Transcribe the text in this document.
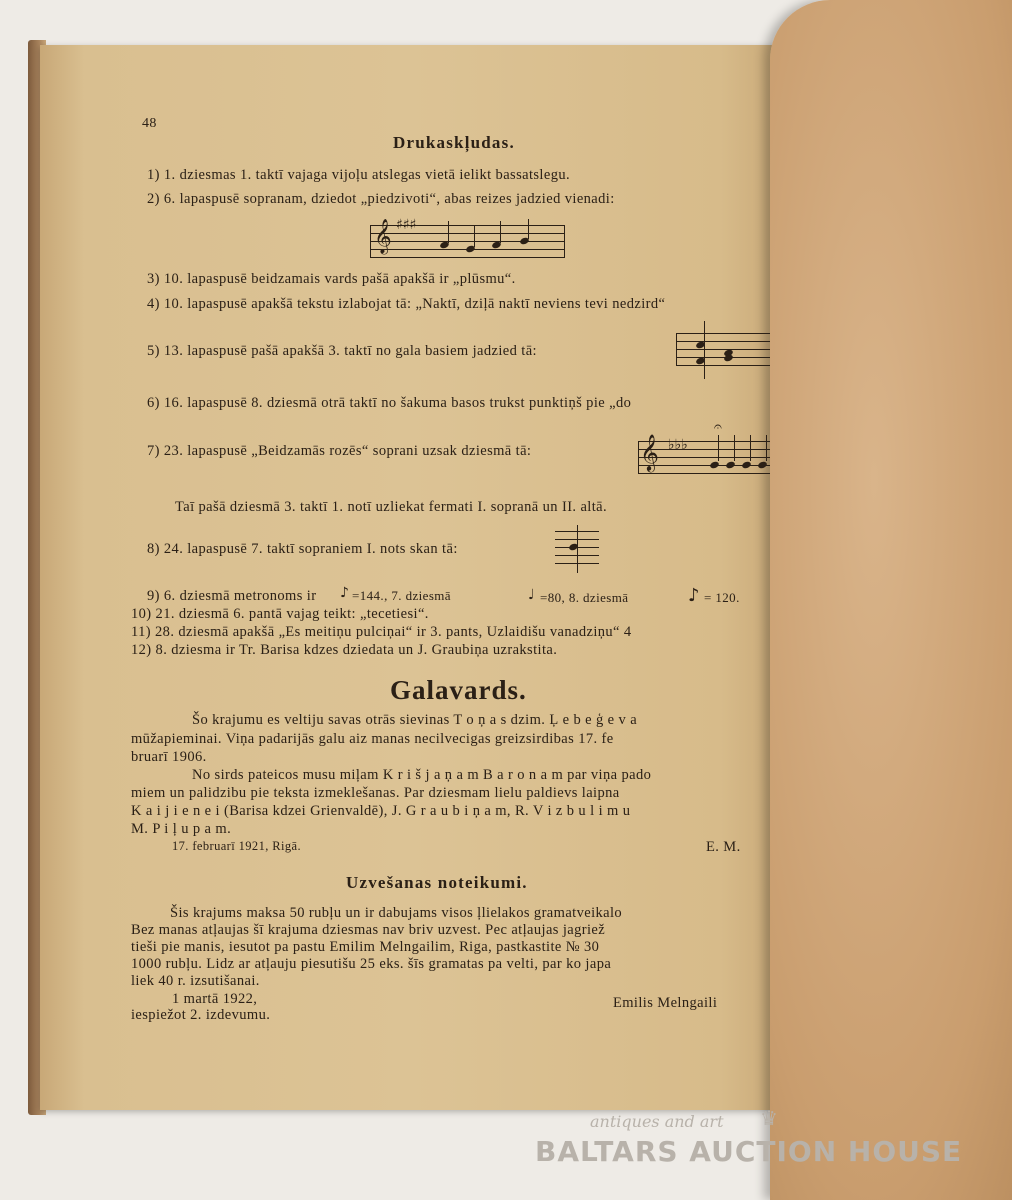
48
Drukaskļudas.
1) 1. dziesmas 1. taktī vajaga vijoļu atslegas vietā ielikt bassatslegu.
2) 6. lapaspusē sopranam, dziedot „piedzivoti“, abas reizes jadzied vienadi:
𝄞 ♯♯♯
3) 10. lapaspusē beidzamais vards pašā apakšā ir „plūsmu“.
4) 10. lapaspusē apakšā tekstu izlabojat tā: „Naktī, dziļā naktī neviens tevi nedzird“
5) 13. lapaspusē pašā apakšā 3. taktī no gala basiem jadzied tā:
6) 16. lapaspusē 8. dziesmā otrā taktī no šakuma basos trukst punktiņš pie „do
7) 23. lapaspusē „Beidzamās rozēs“ soprani uzsak dziesmā tā:	𝄞 ♭♭♭
𝄐
Taī pašā dziesmā 3. taktī 1. notī uzliekat fermati I. sopranā un II. altā.
8) 24. lapaspusē 7. taktī sopraniem I. nots skan tā:
9) 6. dziesmā metronoms ir ♪ =144., 7. dziesmā	♩ =80, 8. dziesmā	♪ = 120.
10) 21. dziesmā 6. pantā vajag teikt: „tecetiesi“.
11) 28. dziesmā apakšā „Es meitiņu pulciņai“ ir 3. pants, Uzlaidišu vanadziņu“ 4
12) 8. dziesma ir Tr. Barisa kdzes dziedata un J. Graubiņa uzrakstita.
Galavards.
Šo krajumu es veltiju savas otrās sievinas T o ņ a s dzim. Ļ e b e ģ e v a
mūžapieminai. Viņa padarijās galu aiz manas necilvecigas greizsirdibas 17. fe
bruarī 1906.
No sirds pateicos musu miļam K r i š j a ņ a m B a r o n a m par viņa pado
miem un palidzibu pie teksta izmeklešanas. Par dziesmam lielu paldievs laipna
K a i j i e n e i (Barisa kdzei Grienvaldē), J. G r a u b i ņ a m, R. V i z b u l i m u
M. P i ļ u p a m.
17. februarī 1921, Rigā.	E. M.
Uzvešanas noteikumi.
Šis krajums maksa 50 rubļu un ir dabujams visos ļlielakos gramatveikalo
Bez manas atļaujas šī krajuma dziesmas nav briv uzvest. Pec atļaujas jagriež
tieši pie manis, iesutot pa pastu Emilim Melngailim, Riga, pastkastite № 30
1000 rubļu. Lidz ar atļauju piesutišu 25 eks. šīs gramatas pa velti, par ko japa
liek 40 r. izsutišanai.
1 martā 1922,
iespiežot 2. izdevumu.
Emilis Melngaili
antiques and art ♛
BALTARS AUCTION HOUSE
